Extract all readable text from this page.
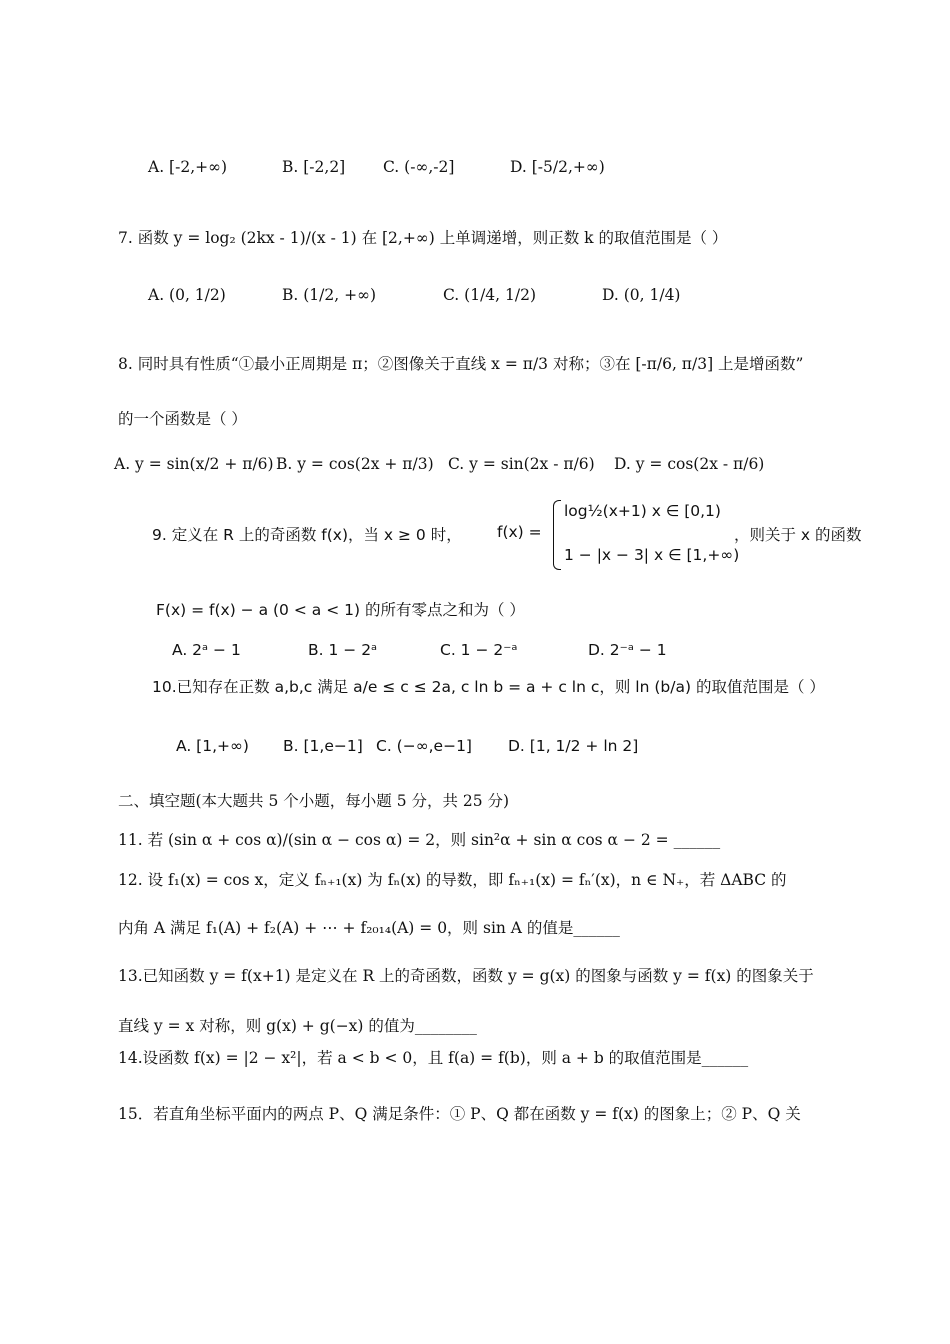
A. [-2,+∞)	B. [-2,2] C. (-∞,-2]	D. [-5/2,+∞)
7. 函数 y = log₂ (2kx - 1)/(x - 1) 在 [2,+∞) 上单调递增，则正数 k 的取值范围是（ ）
A. (0, 1/2)	B. (1/2, +∞)	C. (1/4, 1/2)	D. (0, 1/4)
8. 同时具有性质“①最小正周期是 π；②图像关于直线 x = π/3 对称；③在 [-π/6, π/3] 上是增函数”
的一个函数是（ ）
A. y = sin(x/2 + π/6) B. y = cos(2x + π/3) C. y = sin(2x - π/6) D. y = cos(2x - π/6)
9. 定义在 R 上的奇函数 f(x)，当 x ≥ 0 时， f(x) =
log½(x+1) x ∈ [0,1)
1 − |x − 3| x ∈ [1,+∞)
，则关于 x 的函数
F(x) = f(x) − a (0 < a < 1) 的所有零点之和为（ ）
A. 2ᵃ − 1	B. 1 − 2ᵃ	C. 1 − 2⁻ᵃ	D. 2⁻ᵃ − 1
10.已知存在正数 a,b,c 满足 a/e ≤ c ≤ 2a, c ln b = a + c ln c，则 ln (b/a) 的取值范围是（ ）
A. [1,+∞) B. [1,e−1] C. (−∞,e−1] D. [1, 1/2 + ln 2]
二、填空题(本大题共 5 个小题，每小题 5 分，共 25 分)
11. 若 (sin α + cos α)/(sin α − cos α) = 2，则 sin²α + sin α cos α − 2 = ______
12. 设 f₁(x) = cos x，定义 fₙ₊₁(x) 为 fₙ(x) 的导数，即 fₙ₊₁(x) = fₙ′(x)，n ∈ N₊，若 ΔABC 的
内角 A 满足 f₁(A) + f₂(A) + ⋯ + f₂₀₁₄(A) = 0，则 sin A 的值是______
13.已知函数 y = f(x+1) 是定义在 R 上的奇函数，函数 y = g(x) 的图象与函数 y = f(x) 的图象关于
直线 y = x 对称，则 g(x) + g(−x) 的值为________
14.设函数 f(x) = |2 − x²|，若 a < b < 0，且 f(a) = f(b)，则 a + b 的取值范围是______
15．若直角坐标平面内的两点 P、Q 满足条件：① P、Q 都在函数 y = f(x) 的图象上；② P、Q 关
